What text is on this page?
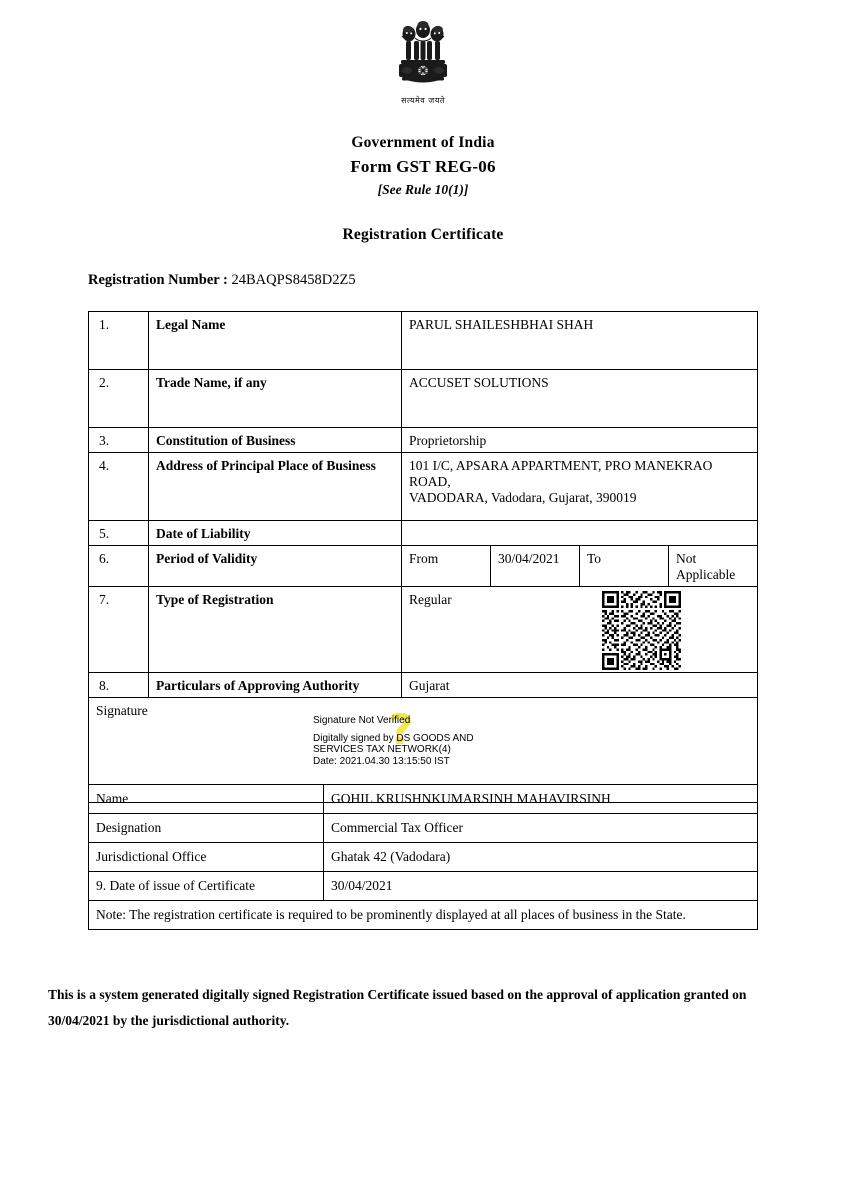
सत्यमेव जयते
Government of India
Form GST REG-06
[See Rule 10(1)]
Registration Certificate
Registration Number : 24BAQPS8458D2Z5
1.	Legal Name	PARUL SHAILESHBHAI SHAH			
2.	Trade Name, if any	ACCUSET SOLUTIONS			
3.	Constitution of Business	Proprietorship			
4.	Address of Principal Place of Business	101 I/C, APSARA APPARTMENT, PRO MANEKRAO ROAD,
VADODARA, Vadodara, Gujarat, 390019			

5.	Date of Liability				
6.	Period of Validity	From	30/04/2021	To	Not Applicable
7.	Type of Registration	Regular			

8.	Particulars of Approving Authority	Gujarat			
Signature	?
Signature Not Verified
Digitally signed by DS GOODS AND
SERVICES TAX NETWORK(4)
Date: 2021.04.30 13:15:50 IST
Name	GOHIL KRUSHNKUMARSINH MAHAVIRSINH
Designation	Commercial Tax Officer
Jurisdictional Office	Ghatak 42 (Vadodara)
9. Date of issue of Certificate	30/04/2021
Note: The registration certificate is required to be prominently displayed at all places of business in the State.	
This is a system generated digitally signed Registration Certificate issued based on the approval of application granted on 30/04/2021 by the jurisdictional authority.
